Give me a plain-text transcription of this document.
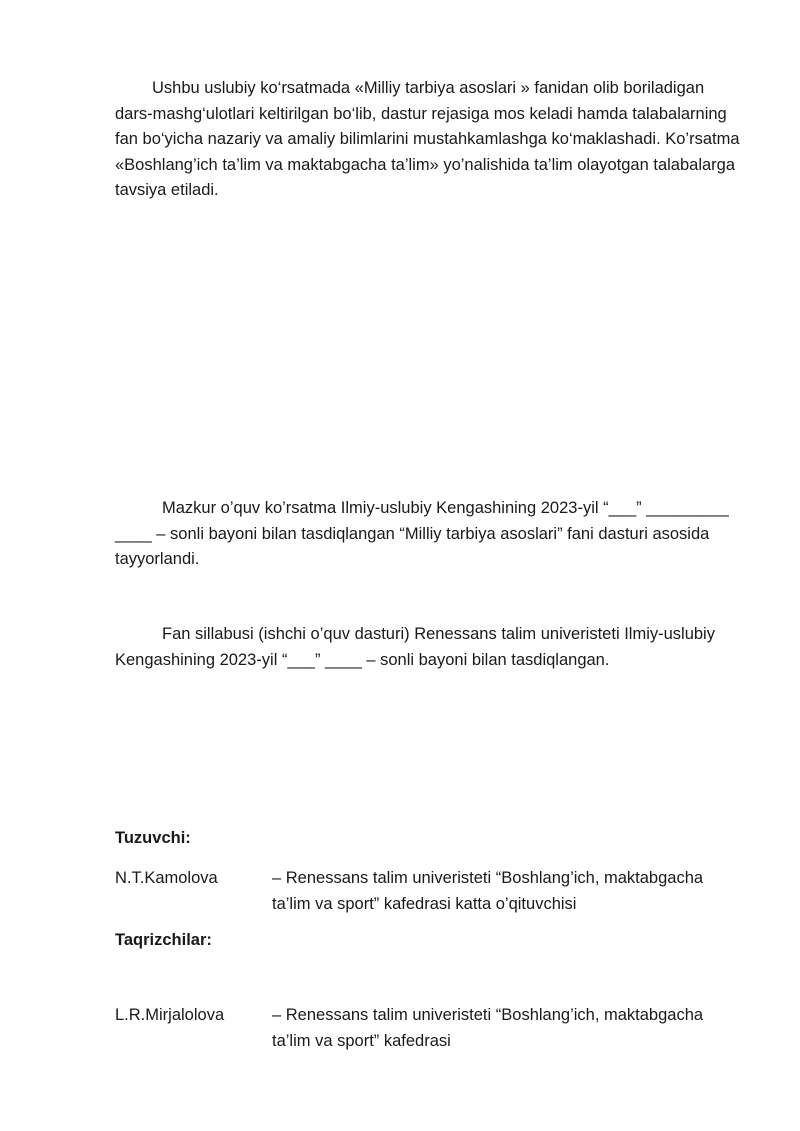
Ushbu uslubiy ko‘rsatmada «Milliy tarbiya asoslari » fanidan olib boriladigan dars-mashg‘ulotlari keltirilgan bo‘lib, dastur rejasiga mos keladi hamda talabalarning fan bo‘yicha nazariy va amaliy bilimlarini mustahkamlashga ko‘maklashadi. Ko’rsatma «Boshlang’ich ta’lim va maktabgacha ta’lim» yo’nalishida ta’lim olayotgan talabalarga tavsiya etiladi.

Mazkur o’quv ko’rsatma Ilmiy-uslubiy Kengashining 2023-yil “___” _________ ____ – sonli bayoni bilan tasdiqlangan “Milliy tarbiya asoslari” fani dasturi asosida tayyorlandi.

Fan sillabusi (ishchi o’quv dasturi) Renessans talim univeristeti Ilmiy-uslubiy Kengashining 2023-yil “___” ____ – sonli bayoni bilan tasdiqlangan.

Tuzuvchi:

N.T.Kamolova	– Renessans talim univeristeti “Boshlang’ich, maktabgacha ta’lim va sport” kafedrasi katta o’qituvchisi

Taqrizchilar:

L.R.Mirjalolova	– Renessans talim univeristeti “Boshlang’ich, maktabgacha ta’lim va sport” kafedrasi
